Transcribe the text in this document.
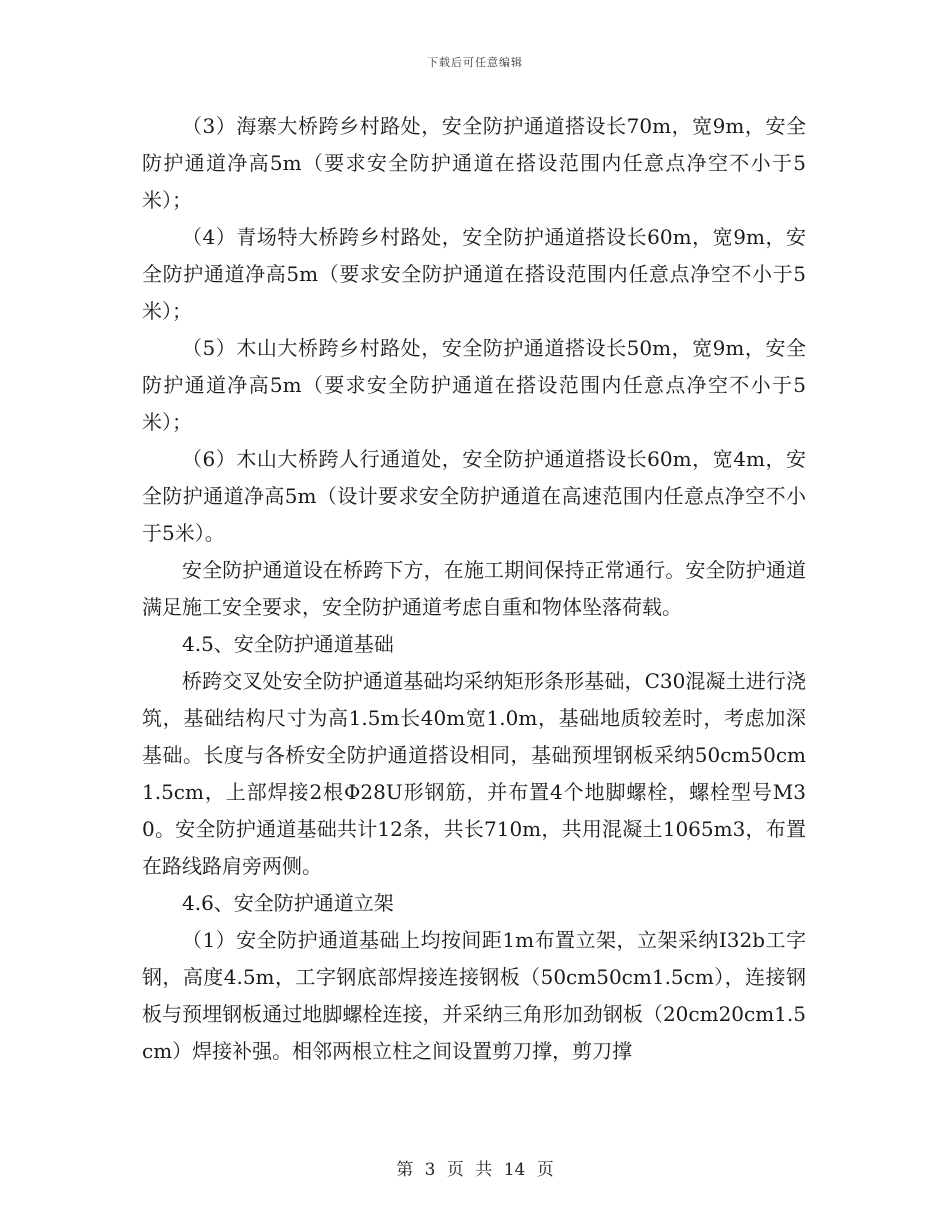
下载后可任意编辑

（3）海寨大桥跨乡村路处，安全防护通道搭设长70m，宽9m，安全防护通道净高5m（要求安全防护通道在搭设范围内任意点净空不小于5米）；

（4）青场特大桥跨乡村路处，安全防护通道搭设长60m，宽9m，安全防护通道净高5m（要求安全防护通道在搭设范围内任意点净空不小于5米）；

（5）木山大桥跨乡村路处，安全防护通道搭设长50m，宽9m，安全防护通道净高5m（要求安全防护通道在搭设范围内任意点净空不小于5米）；

（6）木山大桥跨人行通道处，安全防护通道搭设长60m，宽4m，安全防护通道净高5m（设计要求安全防护通道在高速范围内任意点净空不小于5米）。

安全防护通道设在桥跨下方，在施工期间保持正常通行。安全防护通道满足施工安全要求，安全防护通道考虑自重和物体坠落荷载。

4.5、安全防护通道基础

桥跨交叉处安全防护通道基础均采纳矩形条形基础，C30混凝土进行浇筑，基础结构尺寸为高1.5m长40m宽1.0m，基础地质较差时，考虑加深基础。长度与各桥安全防护通道搭设相同，基础预埋钢板采纳50cm50cm1.5cm，上部焊接2根Φ28U形钢筋，并布置4个地脚螺栓，螺栓型号M30。安全防护通道基础共计12条，共长710m，共用混凝土1065m3，布置在路线路肩旁两侧。

4.6、安全防护通道立架

（1）安全防护通道基础上均按间距1m布置立架，立架采纳I32b工字钢，高度4.5m，工字钢底部焊接连接钢板（50cm50cm1.5cm），连接钢板与预埋钢板通过地脚螺栓连接，并采纳三角形加劲钢板（20cm20cm1.5cm）焊接补强。相邻两根立柱之间设置剪刀撑，剪刀撑

第 3 页 共 14 页
